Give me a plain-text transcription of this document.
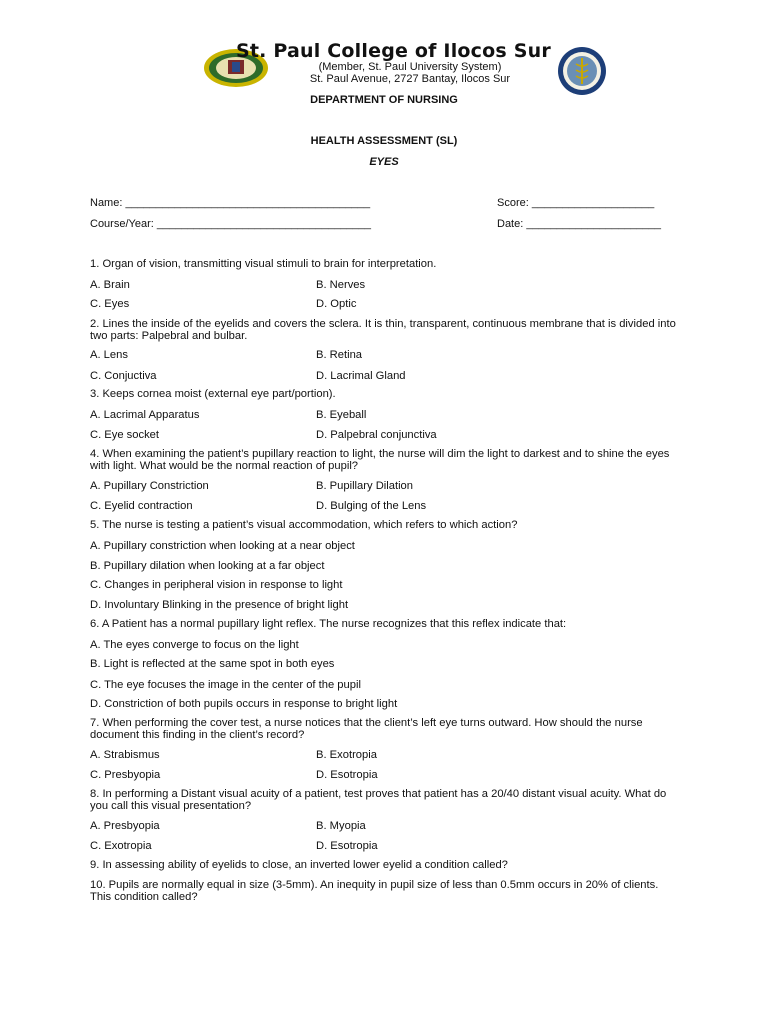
St. Paul College of Ilocos Sur
(Member, St. Paul University System)
St. Paul Avenue, 2727 Bantay, Ilocos Sur
DEPARTMENT OF NURSING
HEALTH ASSESSMENT (SL)
EYES
Name: ________________________________________	Score: ____________________
Course/Year: ___________________________________	Date: ______________________
1. Organ of vision, transmitting visual stimuli to brain for interpretation.
A. Brain	B. Nerves
C. Eyes	D. Optic
2. Lines the inside of the eyelids and covers the sclera. It is thin, transparent, continuous membrane that is divided into two parts: Palpebral and bulbar.
A. Lens	B. Retina
C. Conjuctiva	D. Lacrimal Gland
3. Keeps cornea moist (external eye part/portion).
A. Lacrimal Apparatus	B. Eyeball
C. Eye socket	D. Palpebral conjunctiva
4. When examining the patient’s pupillary reaction to light, the nurse will dim the light to darkest and to shine the eyes with light. What would be the normal reaction of pupil?
A. Pupillary Constriction	B. Pupillary Dilation
C. Eyelid contraction	D. Bulging of the Lens
5. The nurse is testing a patient’s visual accommodation, which refers to which action?
A. Pupillary constriction when looking at a near object
B. Pupillary dilation when looking at a far object
C. Changes in peripheral vision in response to light
D. Involuntary Blinking in the presence of bright light
6. A Patient has a normal pupillary light reflex. The nurse recognizes that this reflex indicate that:
A. The eyes converge to focus on the light
B. Light is reflected at the same spot in both eyes
C. The eye focuses the image in the center of the pupil
D. Constriction of both pupils occurs in response to bright light
7. When performing the cover test, a nurse notices that the client’s left eye turns outward. How should the nurse document this finding in the client’s record?
A. Strabismus	B. Exotropia
C. Presbyopia	D. Esotropia
8. In performing a Distant visual acuity of a patient, test proves that patient has a 20/40 distant visual acuity. What do you call this visual presentation?
A. Presbyopia	B. Myopia
C. Exotropia	D. Esotropia
9. In assessing ability of eyelids to close, an inverted lower eyelid a condition called?
10. Pupils are normally equal in size (3-5mm). An inequity in pupil size of less than 0.5mm occurs in 20% of clients. This condition called?
